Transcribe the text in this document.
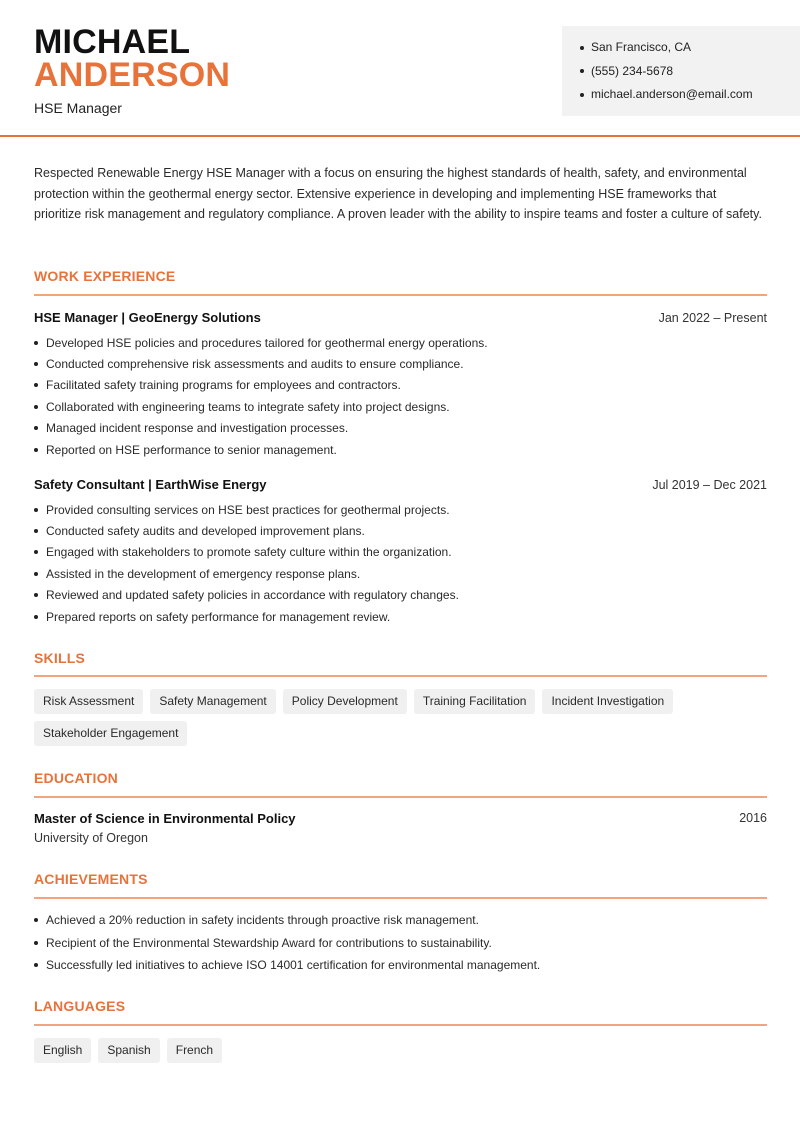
MICHAEL
ANDERSON
HSE Manager
San Francisco, CA
(555) 234-5678
michael.anderson@email.com

Respected Renewable Energy HSE Manager with a focus on ensuring the highest standards of health, safety, and environmental protection within the geothermal energy sector. Extensive experience in developing and implementing HSE frameworks that prioritize risk management and regulatory compliance. A proven leader with the ability to inspire teams and foster a culture of safety.

WORK EXPERIENCE
HSE Manager | GeoEnergy Solutions	Jan 2022 – Present
Developed HSE policies and procedures tailored for geothermal energy operations.
Conducted comprehensive risk assessments and audits to ensure compliance.
Facilitated safety training programs for employees and contractors.
Collaborated with engineering teams to integrate safety into project designs.
Managed incident response and investigation processes.
Reported on HSE performance to senior management.
Safety Consultant | EarthWise Energy	Jul 2019 – Dec 2021
Provided consulting services on HSE best practices for geothermal projects.
Conducted safety audits and developed improvement plans.
Engaged with stakeholders to promote safety culture within the organization.
Assisted in the development of emergency response plans.
Reviewed and updated safety policies in accordance with regulatory changes.
Prepared reports on safety performance for management review.
SKILLS
Risk Assessment	Safety Management	Policy Development	Training Facilitation	Incident Investigation
Stakeholder Engagement
EDUCATION
Master of Science in Environmental Policy	2016
University of Oregon
ACHIEVEMENTS
Achieved a 20% reduction in safety incidents through proactive risk management.
Recipient of the Environmental Stewardship Award for contributions to sustainability.
Successfully led initiatives to achieve ISO 14001 certification for environmental management.
LANGUAGES
English	Spanish	French
